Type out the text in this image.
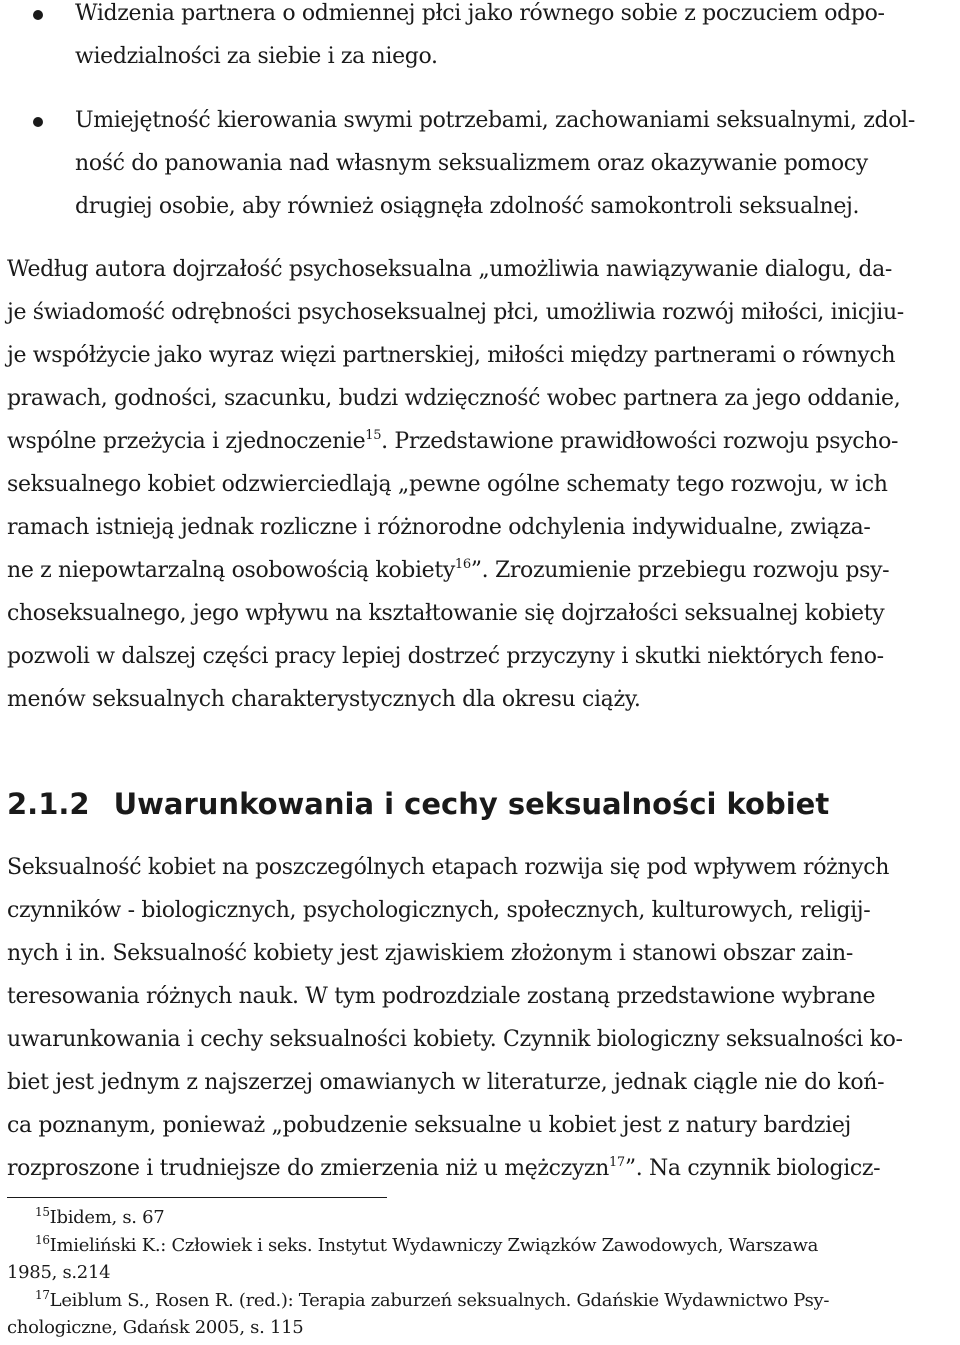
Widzenia partnera o odmiennej płci jako równego sobie z poczuciem odpo-
wiedzialności za siebie i za niego.
Umiejętność kierowania swymi potrzebami, zachowaniami seksualnymi, zdol-
ność do panowania nad własnym seksualizmem oraz okazywanie pomocy
drugiej osobie, aby również osiągnęła zdolność samokontroli seksualnej.
Według autora dojrzałość psychoseksualna „umożliwia nawiązywanie dialogu, da-
je świadomość odrębności psychoseksualnej płci, umożliwia rozwój miłości, inicjiu-
je współżycie jako wyraz więzi partnerskiej, miłości między partnerami o równych
prawach, godności, szacunku, budzi wdzięczność wobec partnera za jego oddanie,
wspólne przeżycia i zjednoczenie$^{15}$. Przedstawione prawidłowości rozwoju psycho-
seksualnego kobiet odzwierciedlają „pewne ogólne schematy tego rozwoju, w ich
ramach istnieją jednak rozliczne i różnorodne odchylenia indywidualne, związa-
ne z niepowtarzalną osobowością kobiety$^{16}$”. Zrozumienie przebiegu rozwoju psy-
choseksualnego, jego wpływu na kształtowanie się dojrzałości seksualnej kobiety
pozwoli w dalszej części pracy lepiej dostrzeć przyczyny i skutki niektórych feno-
menów seksualnych charakterystycznych dla okresu ciąży.
2.1.2 Uwarunkowania i cechy seksualności kobiet
Seksualność kobiet na poszczególnych etapach rozwija się pod wpływem różnych
czynników - biologicznych, psychologicznych, społecznych, kulturowych, religij-
nych i in. Seksualność kobiety jest zjawiskiem złożonym i stanowi obszar zain-
teresowania różnych nauk. W tym podrozdziale zostaną przedstawione wybrane
uwarunkowania i cechy seksualności kobiety. Czynnik biologiczny seksualności ko-
biet jest jednym z najszerzej omawianych w literaturze, jednak ciągle nie do koń-
ca poznanym, ponieważ „pobudzenie seksualne u kobiet jest z natury bardziej
rozproszone i trudniejsze do zmierzenia niż u mężczyzn$^{17}$”. Na czynnik biologicz-
$^{15}$Ibidem, s. 67
$^{16}$Imieliński K.: Człowiek i seks. Instytut Wydawniczy Związków Zawodowych, Warszawa
1985, s.214
$^{17}$Leiblum S., Rosen R. (red.): Terapia zaburzeń seksualnych. Gdańskie Wydawnictwo Psy-
chologiczne, Gdańsk 2005, s. 115
